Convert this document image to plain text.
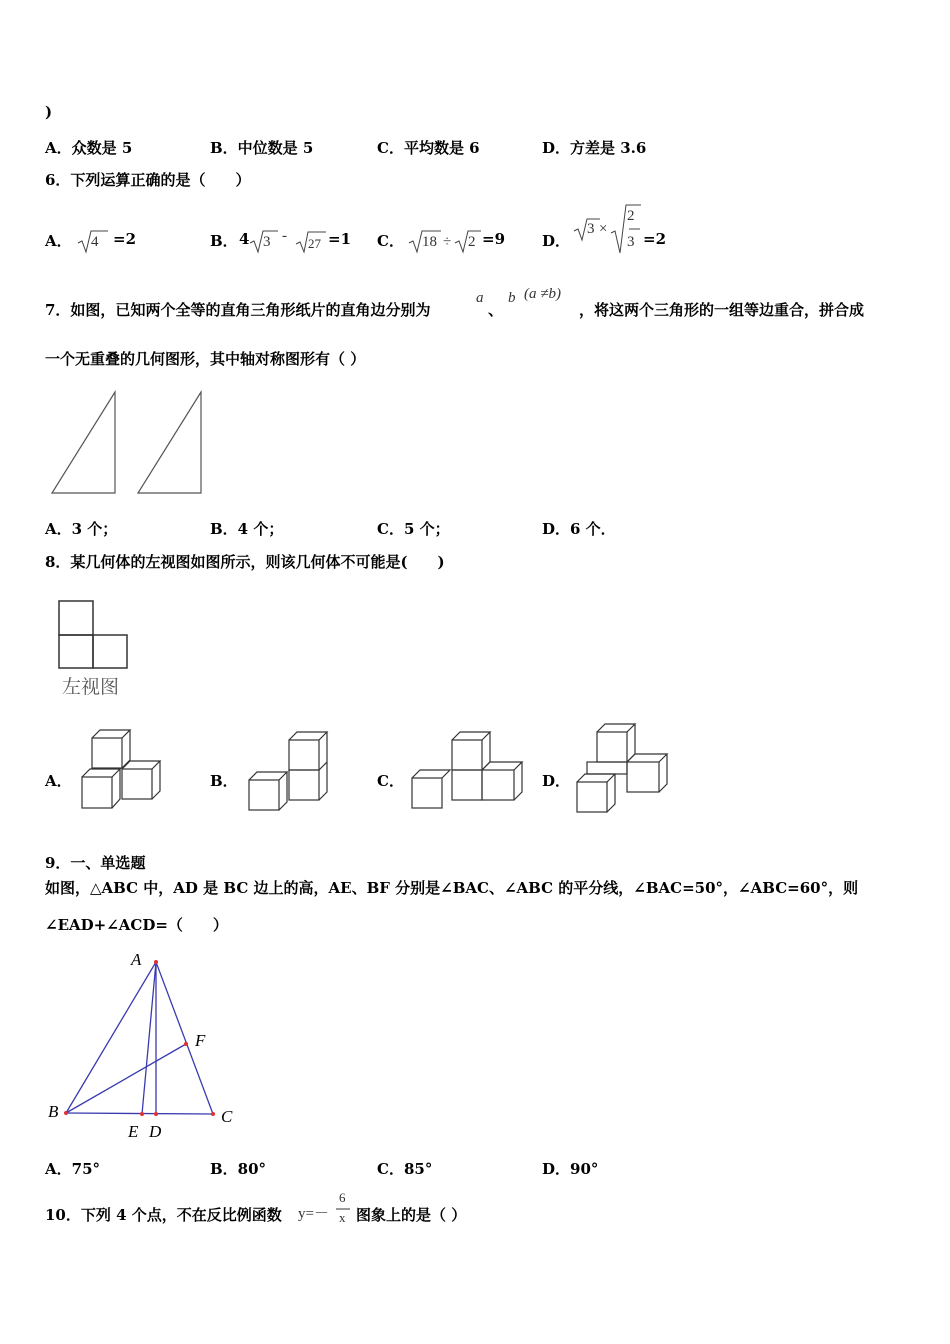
)
A．众数是 5	B．中位数是 5	C．平均数是 6	D．方差是 3.6
6．下列运算正确的是（　　）
A． 4 =2	B． 4 3 - 27 =1 C． 18 ÷ 2 =9 D．
3 ×
2
3 =2
7．如图，已知两个全等的直角三角形纸片的直角边分别为
a
、
b (a ≠b)
，将这两个三角形的一组等边重合，拼合成
一个无重叠的几何图形，其中轴对称图形有（ ）
A．3 个；	B．4 个；	C．5 个；	D．6 个．
8．某几何体的左视图如图所示，则该几何体不可能是(　　)
左视图
A．	B．	C．	D．
9．一、单选题
如图，△ABC 中，AD 是 BC 边上的高，AE、BF 分别是∠BAC、∠ABC 的平分线，∠BAC=50°，∠ABC=60°，则
∠EAD+∠ACD=（　　）
A
B	C
E D
F
A．75°	B．80°	C．85°	D．90°
10．下列 4 个点，不在反比例函数 y=－
6
x 图象上的是（ ）
